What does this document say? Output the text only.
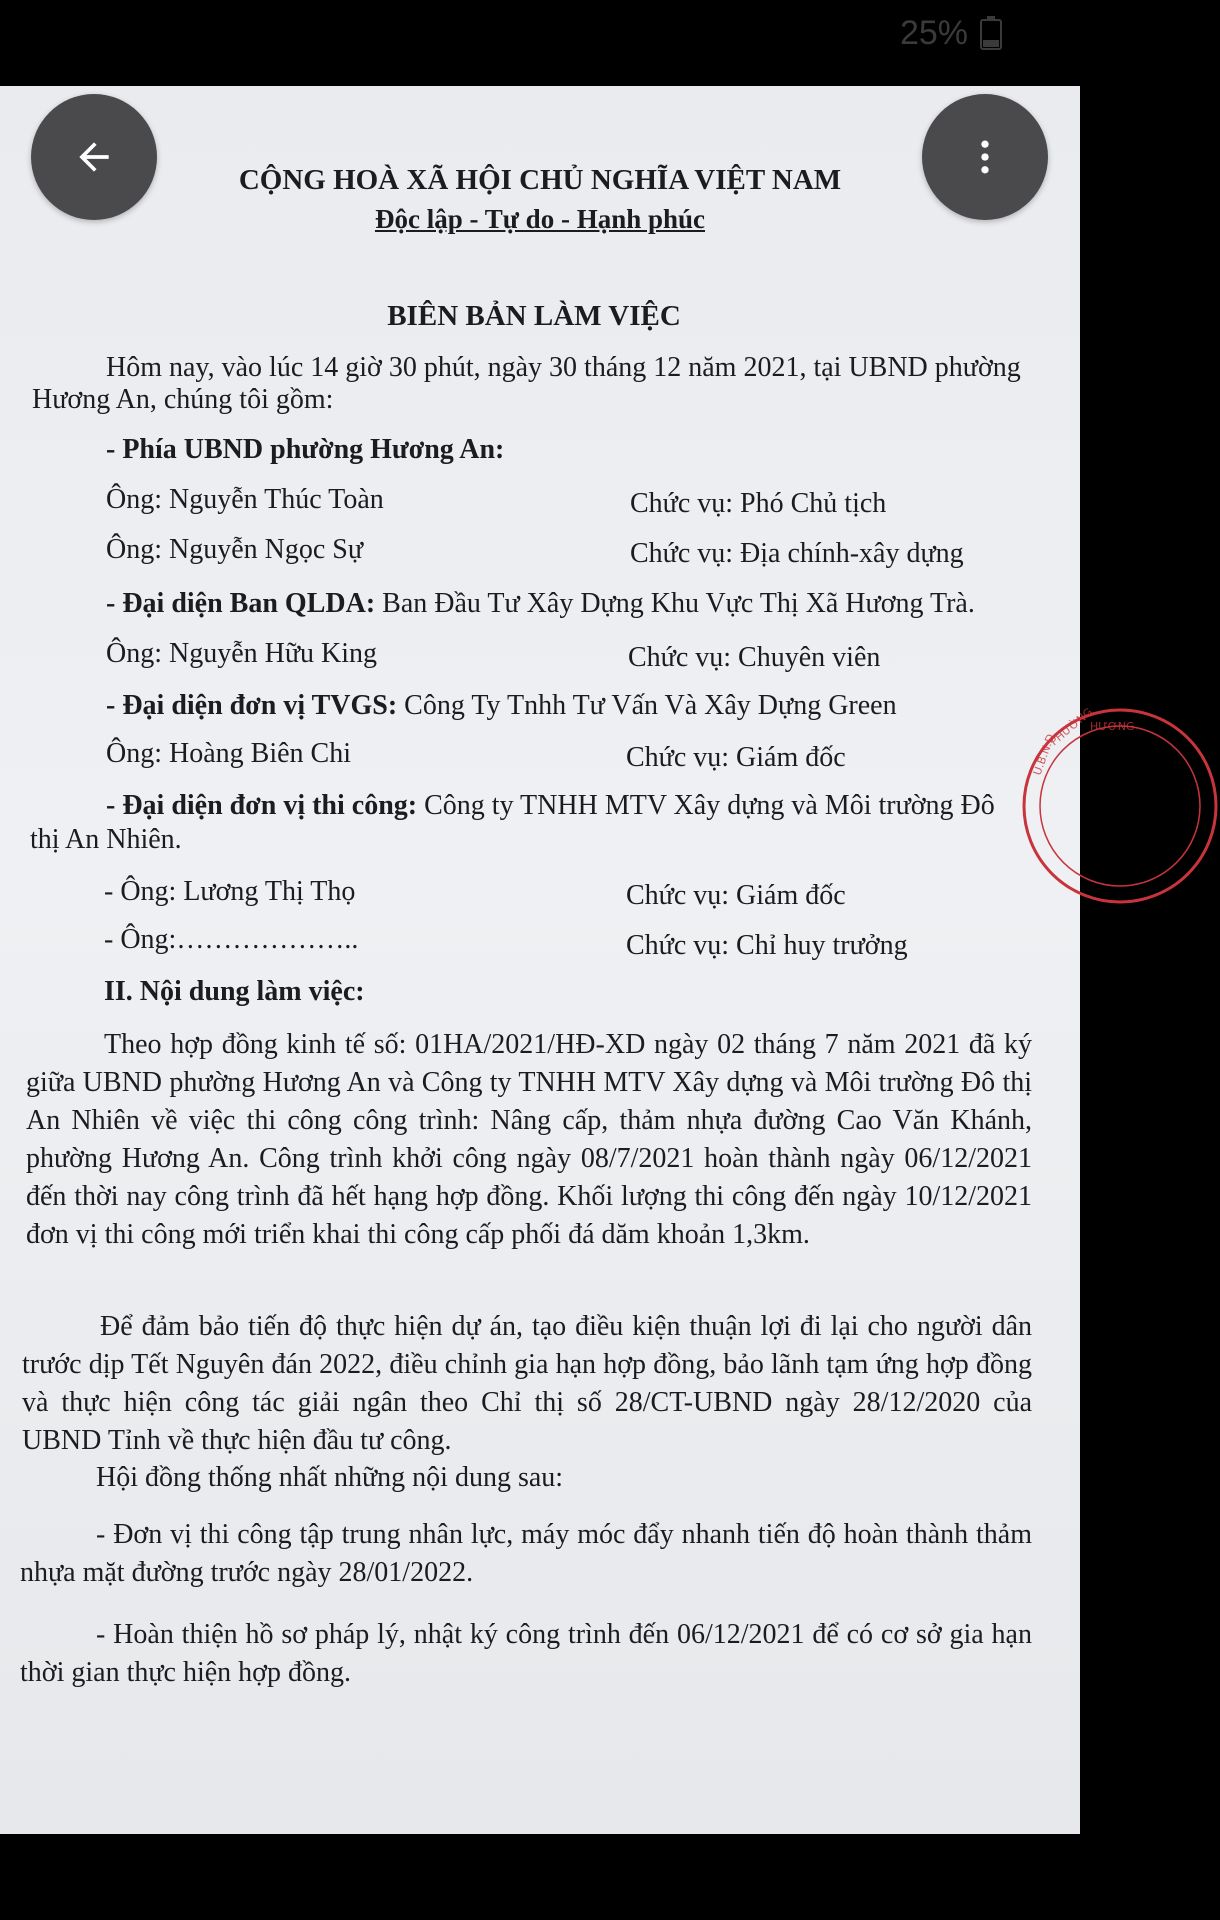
25%
CỘNG HOÀ XÃ HỘI CHỦ NGHĨA VIỆT NAM
Độc lập - Tự do - Hạnh phúc
BIÊN BẢN LÀM VIỆC
Hôm nay, vào lúc 14 giờ 30 phút, ngày 30 tháng 12 năm 2021, tại UBND phường
Hương An, chúng tôi gồm:
- Phía UBND phường Hương An:
Ông: Nguyễn Thúc Toàn	Chức vụ: Phó Chủ tịch
Ông: Nguyễn Ngọc Sự	Chức vụ: Địa chính-xây dựng
- Đại diện Ban QLDA: Ban Đầu Tư Xây Dựng Khu Vực Thị Xã Hương Trà.
Ông: Nguyễn Hữu King	Chức vụ: Chuyên viên
- Đại diện đơn vị TVGS: Công Ty Tnhh Tư Vấn Và Xây Dựng Green
Ông: Hoàng Biên Chi	Chức vụ: Giám đốc
- Đại diện đơn vị thi công: Công ty TNHH MTV Xây dựng và Môi trường Đô
thị An Nhiên.
- Ông: Lương Thị Thọ	Chức vụ: Giám đốc
- Ông:………………..	Chức vụ: Chỉ huy trưởng
II. Nội dung làm việc:
Theo hợp đồng kinh tế số: 01HA/2021/HĐ-XD ngày 02 tháng 7 năm 2021 đã ký giữa UBND phường Hương An và Công ty TNHH MTV Xây dựng và Môi trường Đô thị An Nhiên về việc thi công công trình: Nâng cấp, thảm nhựa đường Cao Văn Khánh, phường Hương An. Công trình khởi công ngày 08/7/2021 hoàn thành ngày 06/12/2021 đến thời nay công trình đã hết hạng hợp đồng. Khối lượng thi công đến ngày 10/12/2021 đơn vị thi công mới triển khai thi công cấp phối đá dăm khoản 1,3km.
Để đảm bảo tiến độ thực hiện dự án, tạo điều kiện thuận lợi đi lại cho người dân trước dịp Tết Nguyên đán 2022, điều chỉnh gia hạn hợp đồng, bảo lãnh tạm ứng hợp đồng và thực hiện công tác giải ngân theo Chỉ thị số 28/CT-UBND ngày 28/12/2020 của UBND Tỉnh về thực hiện đầu tư công.
Hội đồng thống nhất những nội dung sau:
- Đơn vị thi công tập trung nhân lực, máy móc đẩy nhanh tiến độ hoàn thành thảm nhựa mặt đường trước ngày 28/01/2022.
- Hoàn thiện hồ sơ pháp lý, nhật ký công trình đến 06/12/2021 để có cơ sở gia hạn thời gian thực hiện hợp đồng.
U.B.N.D
PHƯỜNG
HƯƠNG
